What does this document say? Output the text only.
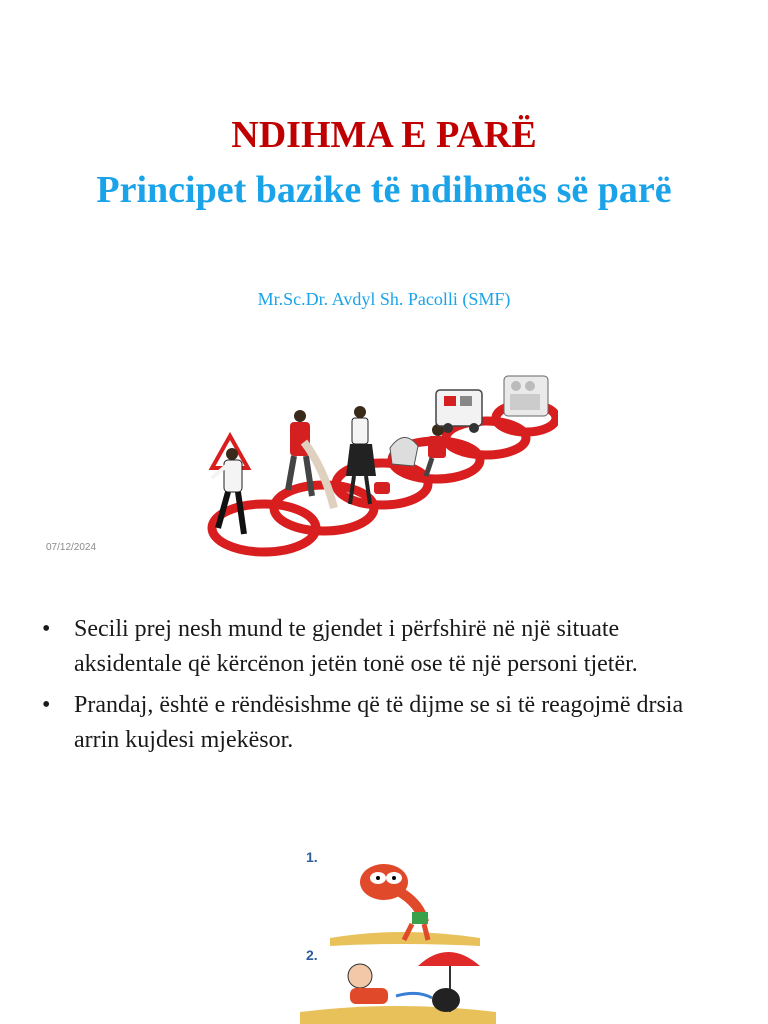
NDIHMA E PARË
Principet bazike të ndihmës së parë

Mr.Sc.Dr. Avdyl Sh. Pacolli (SMF)

07/12/2024
• Secili prej nesh mund te gjendet i përfshirë në një situate aksidentale që kërcënon jetën tonë ose të një personi tjetër.
• Prandaj, është e rëndësishme që të dijme se si të reagojmë drsia arrin kujdesi mjekësor.
1.
2.
